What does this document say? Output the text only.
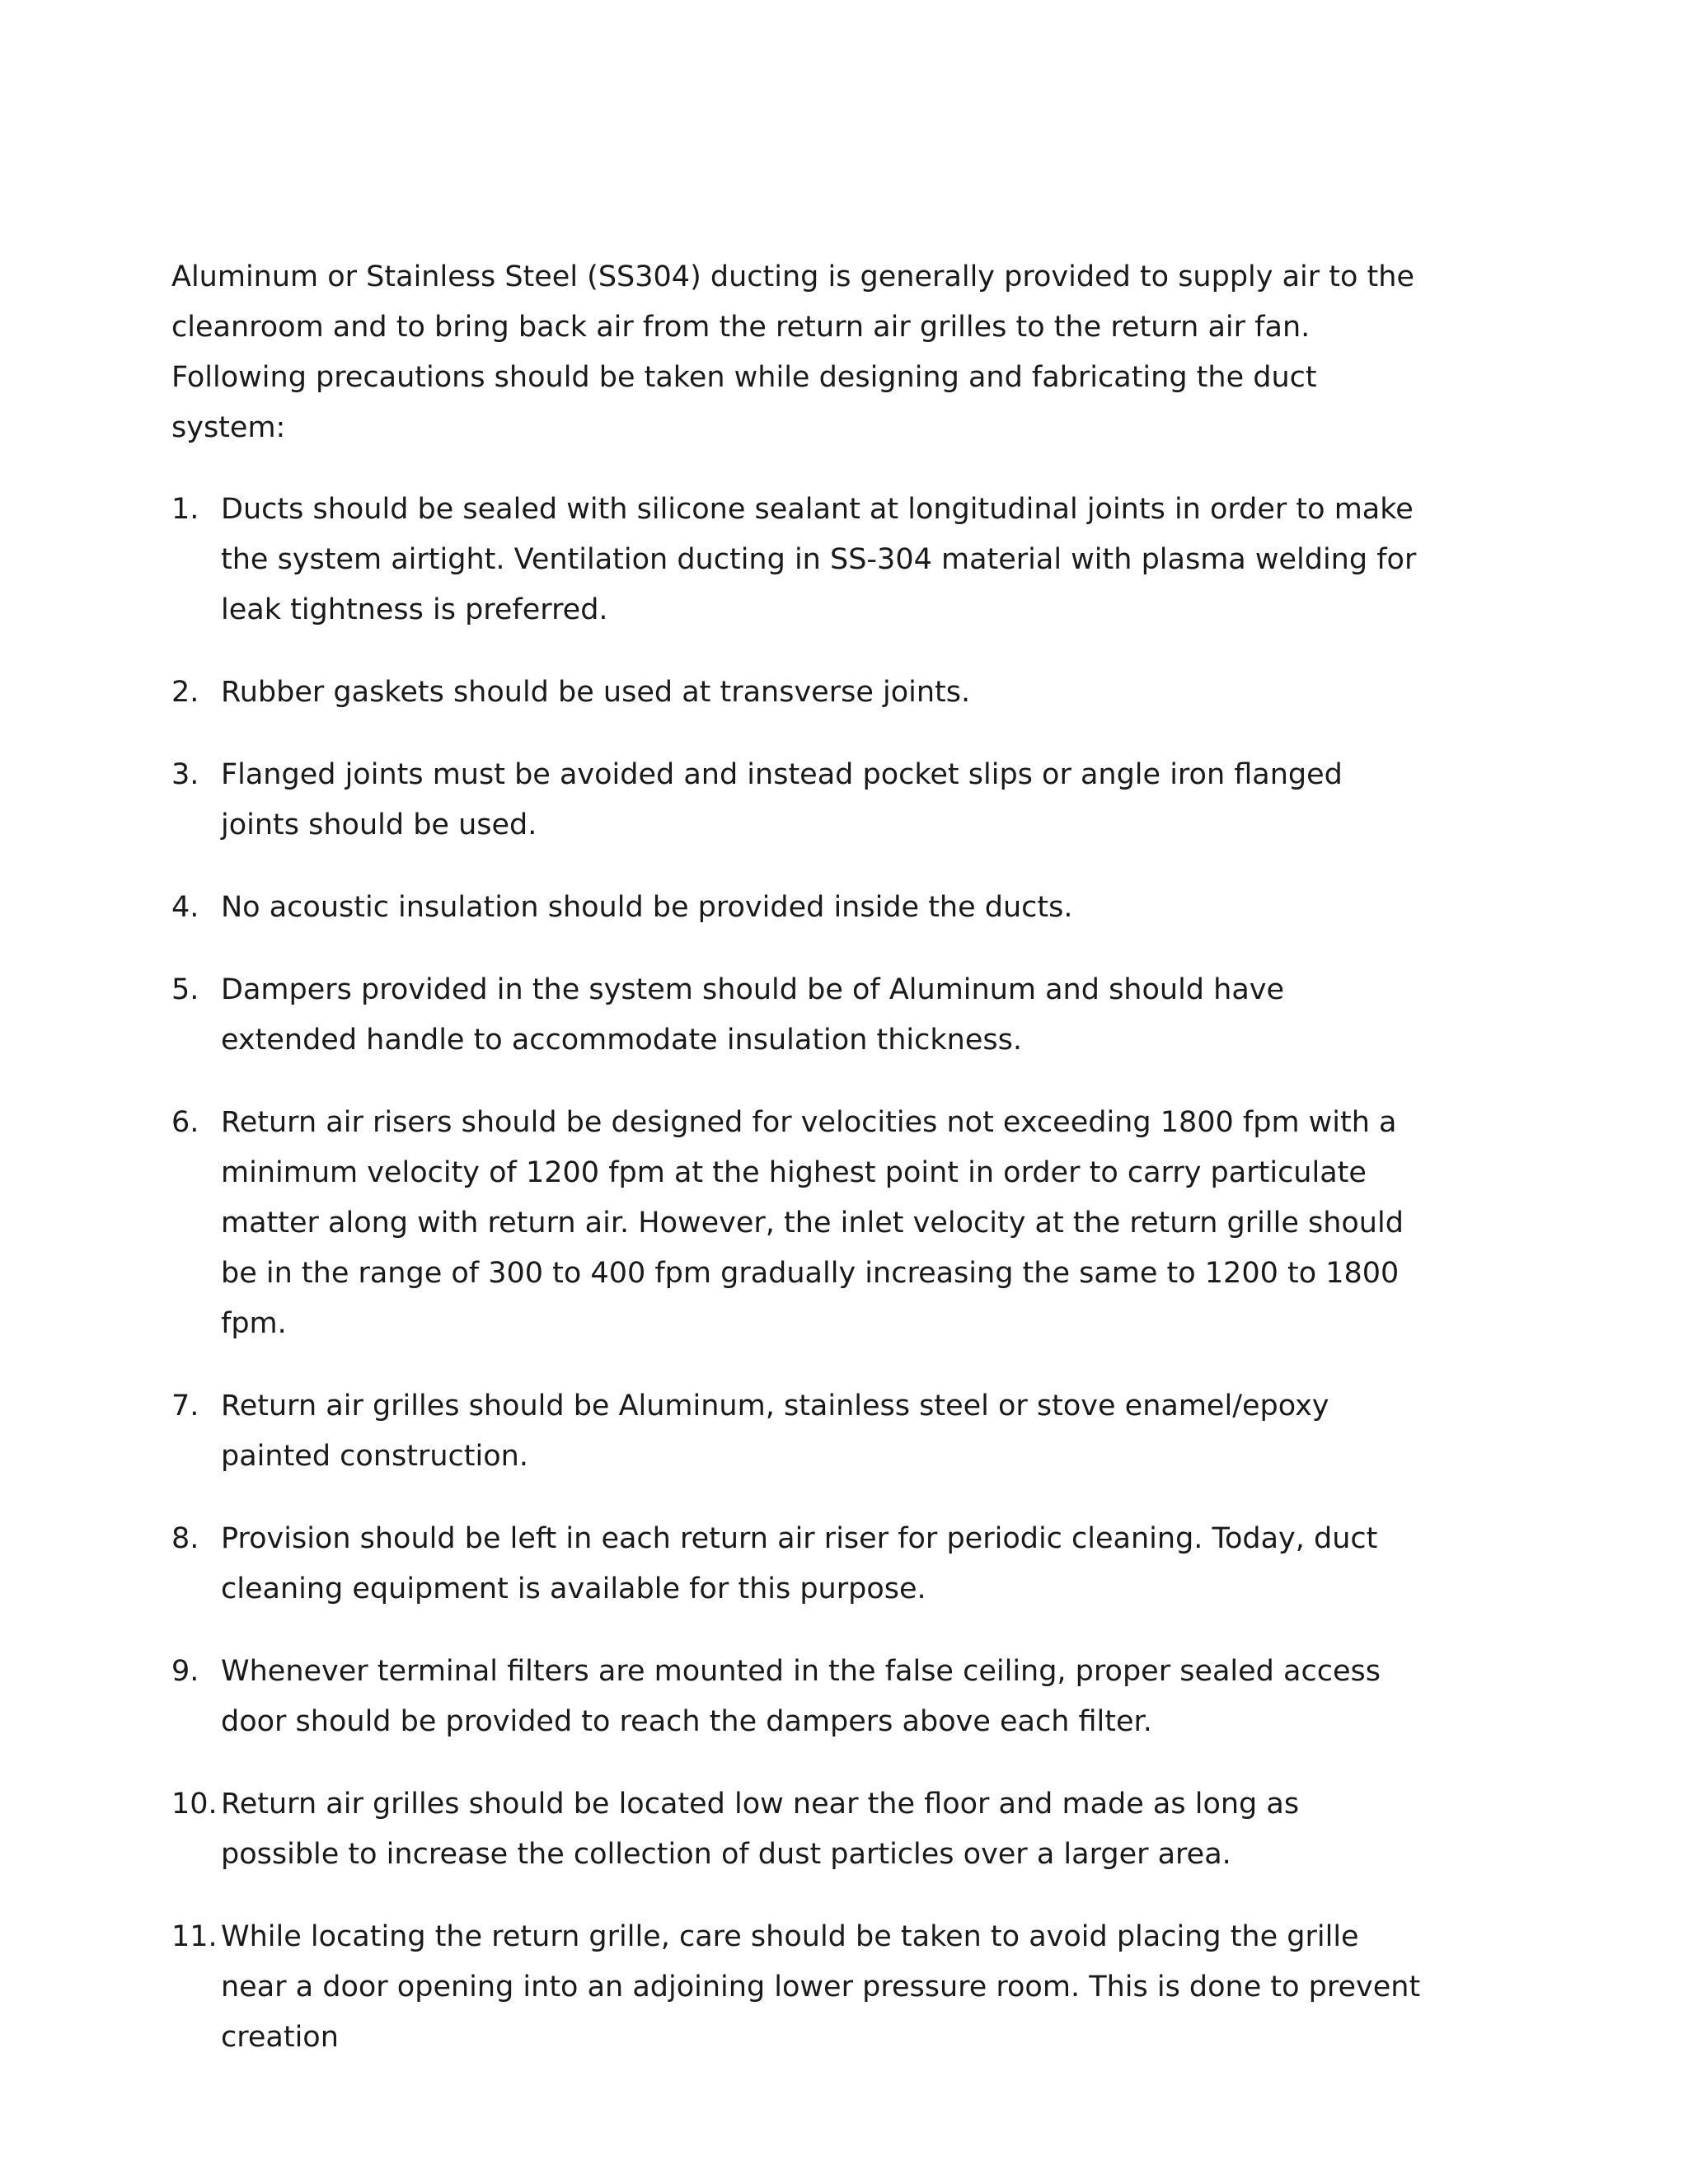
Aluminum or Stainless Steel (SS304) ducting is generally provided to supply air to the cleanroom and to bring back air from the return air grilles to the return air fan. Following precautions should be taken while designing and fabricating the duct system:

1. Ducts should be sealed with silicone sealant at longitudinal joints in order to make the system airtight. Ventilation ducting in SS-304 material with plasma welding for leak tightness is preferred.
2. Rubber gaskets should be used at transverse joints.
3. Flanged joints must be avoided and instead pocket slips or angle iron flanged joints should be used.
4. No acoustic insulation should be provided inside the ducts.
5. Dampers provided in the system should be of Aluminum and should have extended handle to accommodate insulation thickness.
6. Return air risers should be designed for velocities not exceeding 1800 fpm with a minimum velocity of 1200 fpm at the highest point in order to carry particulate matter along with return air. However, the inlet velocity at the return grille should be in the range of 300 to 400 fpm gradually increasing the same to 1200 to 1800 fpm.
7. Return air grilles should be Aluminum, stainless steel or stove enamel/epoxy painted construction.
8. Provision should be left in each return air riser for periodic cleaning. Today, duct cleaning equipment is available for this purpose.
9. Whenever terminal filters are mounted in the false ceiling, proper sealed access door should be provided to reach the dampers above each filter.
10. Return air grilles should be located low near the floor and made as long as possible to increase the collection of dust particles over a larger area.
11. While locating the return grille, care should be taken to avoid placing the grille near a door opening into an adjoining lower pressure room. This is done to prevent creation
